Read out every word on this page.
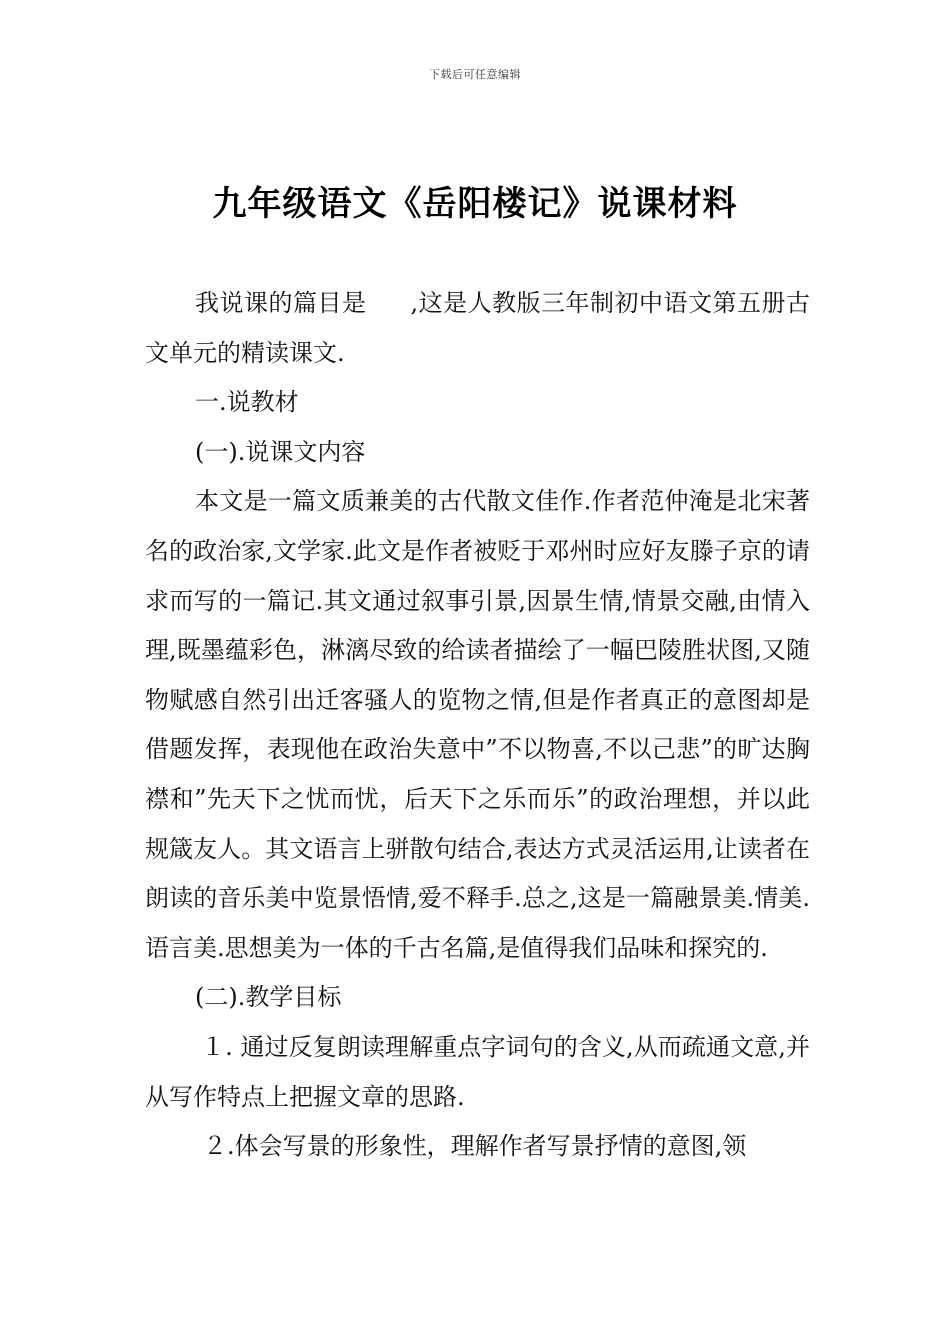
下载后可任意编辑
九年级语文《岳阳楼记》说课材料

我说课的篇目是 ,这是人教版三年制初中语文第五册古文单元的精读课文.

一.说教材

(一).说课文内容

本文是一篇文质兼美的古代散文佳作.作者范仲淹是北宋著名的政治家,文学家.此文是作者被贬于邓州时应好友滕子京的请求而写的一篇记.其文通过叙事引景,因景生情,情景交融,由情入理,既墨蕴彩色，淋漓尽致的给读者描绘了一幅巴陵胜状图,又随物赋感自然引出迁客骚人的览物之情,但是作者真正的意图却是借题发挥，表现他在政治失意中”不以物喜,不以己悲”的旷达胸襟和”先天下之忧而忧，后天下之乐而乐”的政治理想，并以此规箴友人。其文语言上骈散句结合,表达方式灵活运用,让读者在朗读的音乐美中览景悟情,爱不释手.总之,这是一篇融景美.情美.语言美.思想美为一体的千古名篇,是值得我们品味和探究的.

(二).教学目标

１. 通过反复朗读理解重点字词句的含义,从而疏通文意,并从写作特点上把握文章的思路.

２.体会写景的形象性，理解作者写景抒情的意图,领
